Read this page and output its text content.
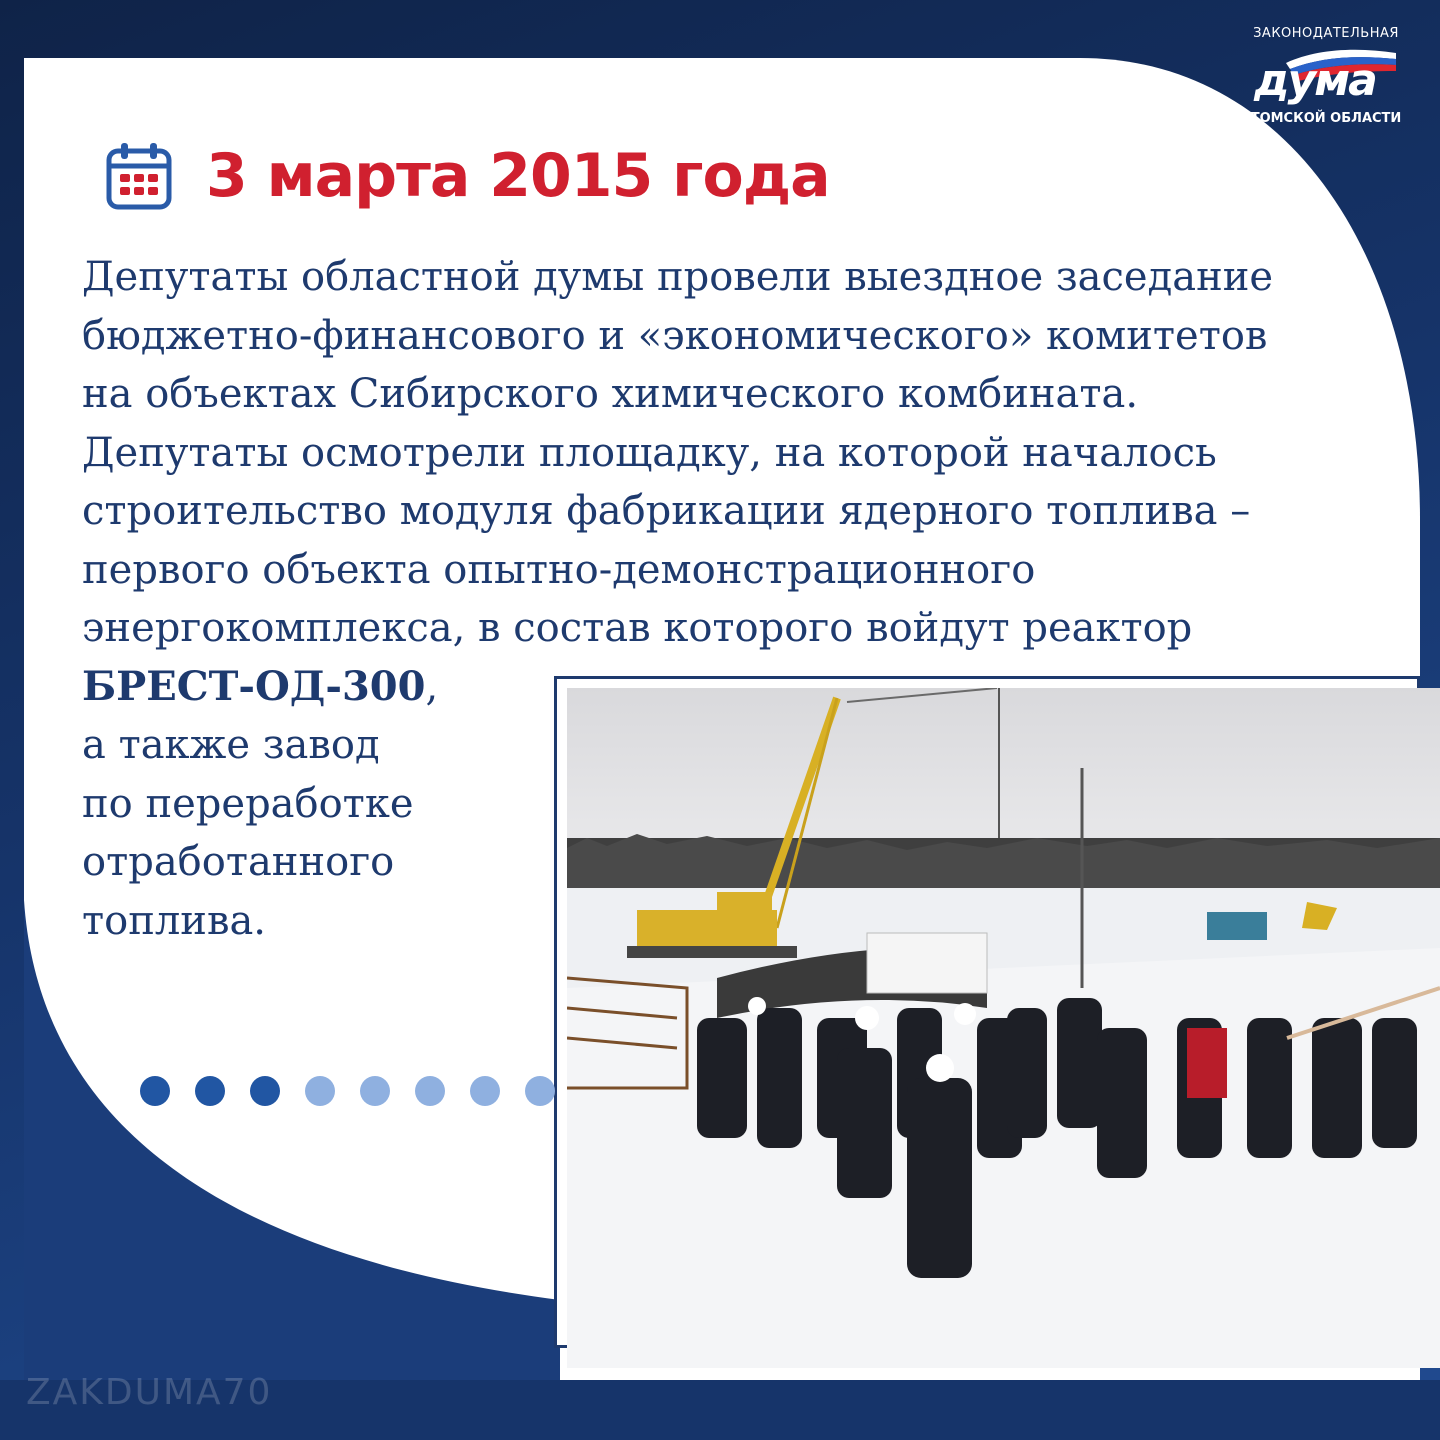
ЗАКОНОДАТЕЛЬНАЯ
дума
ТОМСКОЙ ОБЛАСТИ
3 марта 2015 года
Депутаты областной думы провели выездное заседание
бюджетно-финансового и «экономического» комитетов
на объектах Сибирского химического комбината.
Депутаты осмотрели площадку, на которой началось
строительство модуля фабрикации ядерного топлива –
первого объекта опытно-демонстрационного
энергокомплекса, в состав которого войдут реактор
БРЕСТ-ОД-300,
а также завод
по переработке
отработанного
топлива.
ZAKDUMA70
